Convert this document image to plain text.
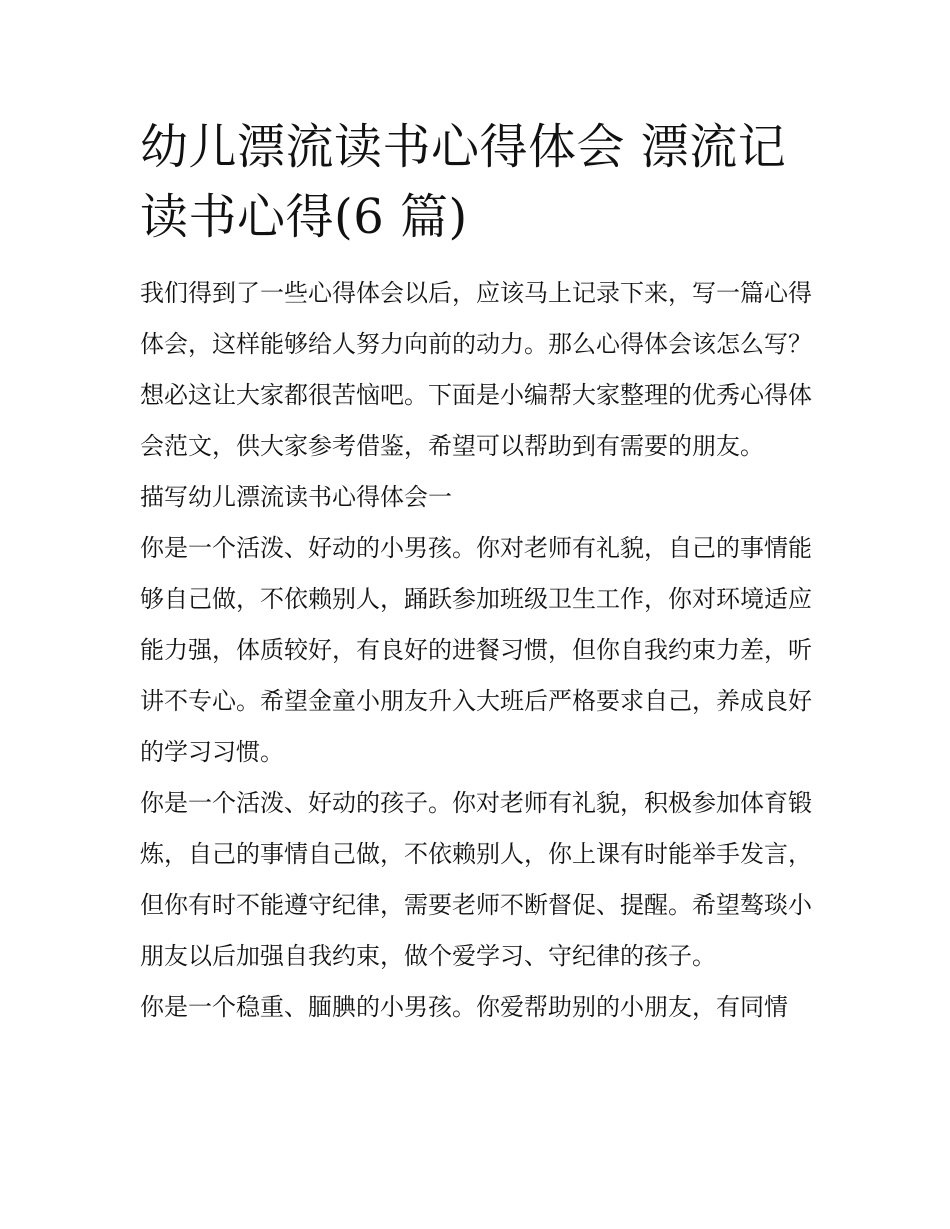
幼儿漂流读书心得体会 漂流记
读书心得(6 篇)

我们得到了一些心得体会以后，应该马上记录下来，写一篇心得体会，这样能够给人努力向前的动力。那么心得体会该怎么写？想必这让大家都很苦恼吧。下面是小编帮大家整理的优秀心得体会范文，供大家参考借鉴，希望可以帮助到有需要的朋友。

描写幼儿漂流读书心得体会一

你是一个活泼、好动的小男孩。你对老师有礼貌，自己的事情能够自己做，不依赖别人，踊跃参加班级卫生工作，你对环境适应能力强，体质较好，有良好的进餐习惯，但你自我约束力差，听讲不专心。希望金童小朋友升入大班后严格要求自己，养成良好的学习习惯。

你是一个活泼、好动的孩子。你对老师有礼貌，积极参加体育锻炼，自己的事情自己做，不依赖别人，你上课有时能举手发言，但你有时不能遵守纪律，需要老师不断督促、提醒。希望骜琰小朋友以后加强自我约束，做个爱学习、守纪律的孩子。

你是一个稳重、腼腆的小男孩。你爱帮助别的小朋友，有同情
